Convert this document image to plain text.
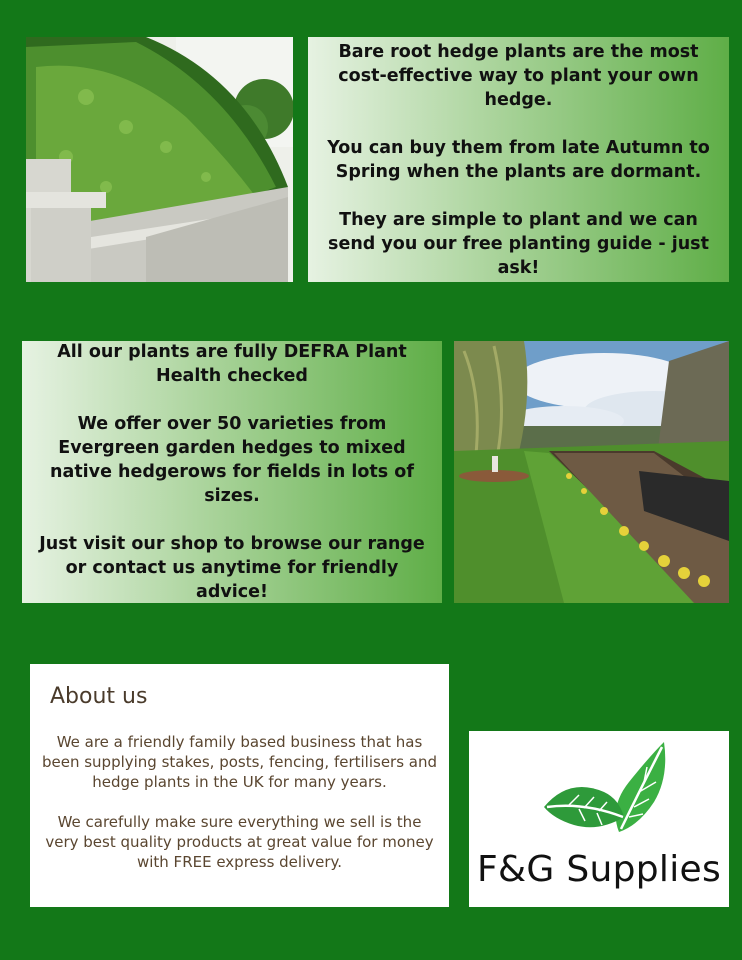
Bare root hedge plants are the most cost-effective way to plant your own hedge.

You can buy them from late Autumn to Spring when the plants are dormant.

They are simple to plant and we can send you our free planting guide - just ask!

All our plants are fully DEFRA Plant Health checked

We offer over 50 varieties from Evergreen garden hedges to mixed native hedgerows for fields in lots of sizes.

Just visit our shop to browse our range or contact us anytime for friendly advice!

About us

We are a friendly family based business that has been supplying stakes, posts, fencing, fertilisers and hedge plants in the UK for many years.

We carefully make sure everything we sell is the very best quality products at great value for money with FREE express delivery.	F&G Supplies
